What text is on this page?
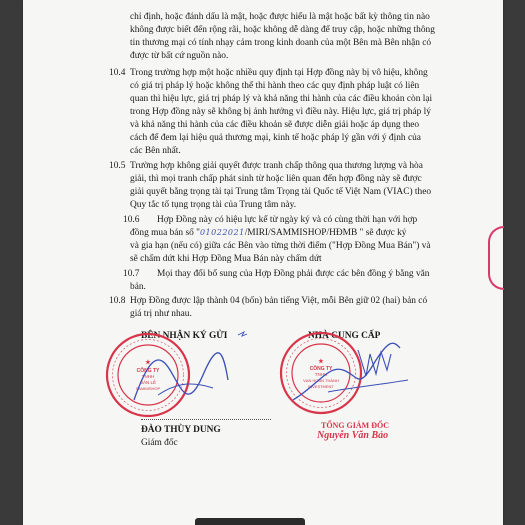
chỉ định, hoặc đánh dấu là mật, hoặc được hiểu là mật hoặc bất kỳ thông tin nào
không được biết đến rộng rãi, hoặc không dễ dàng để truy cập, hoặc những thông
tin thương mại có tính nhạy cảm trong kinh doanh của một Bên mà Bên nhận có
được từ bất cứ nguồn nào.
10.4 Trong trường hợp một hoặc nhiều quy định tại Hợp đồng này bị vô hiệu, không
có giá trị pháp lý hoặc không thể thi hành theo các quy định pháp luật có liên
quan thì hiệu lực, giá trị pháp lý và khả năng thi hành của các điều khoản còn lại
trong Hợp đồng này sẽ không bị ảnh hưởng vì điều này. Hiệu lực, giá trị pháp lý
và khả năng thi hành của các điều khoản sẽ được diễn giải hoặc áp dụng theo
cách để đem lại hiệu quả thương mại, kinh tế hoặc pháp lý gần với ý định của
các Bên nhất.
10.5 Trường hợp không giải quyết được tranh chấp thông qua thương lượng và hòa
giải, thì mọi tranh chấp phát sinh từ hoặc liên quan đến hợp đồng này sẽ được
giải quyết bằng trọng tài tại Trung tâm Trọng tài Quốc tế Việt Nam (VIAC) theo
Quy tắc tố tụng trọng tài của Trung tâm này.
10.6 Hợp Đồng này có hiệu lực kể từ ngày ký và có cùng thời hạn với hợp
đồng mua bán số "01022021/MIRI/SAMMISHOP/HĐMB " sẽ được ký
và gia hạn (nếu có) giữa các Bên vào từng thời điểm ("Hợp Đồng Mua Bán") và
sẽ chấm dứt khi Hợp Đồng Mua Bán này chấm dứt
10.7 Mọi thay đổi bổ sung của Hợp Đồng phải được các bên đồng ý bằng văn
bản.
10.8 Hợp Đồng được lập thành 04 (bốn) bản tiếng Việt, mỗi Bên giữ 02 (hai) bản có
giá trị như nhau.
BÊN NHẬN KÝ GỬI	NHÀ CUNG CẤP
★
CÔNG TY
TNHH
BÁN LẺ
SAMMISHOP
ĐÀO THÙY DUNG
Giám đốc
★
CÔNG TY
TNHH
VẠN HOÀN THÀNH
INVESTMENT
TỔNG GIÁM ĐỐC
Nguyễn Văn Bảo
